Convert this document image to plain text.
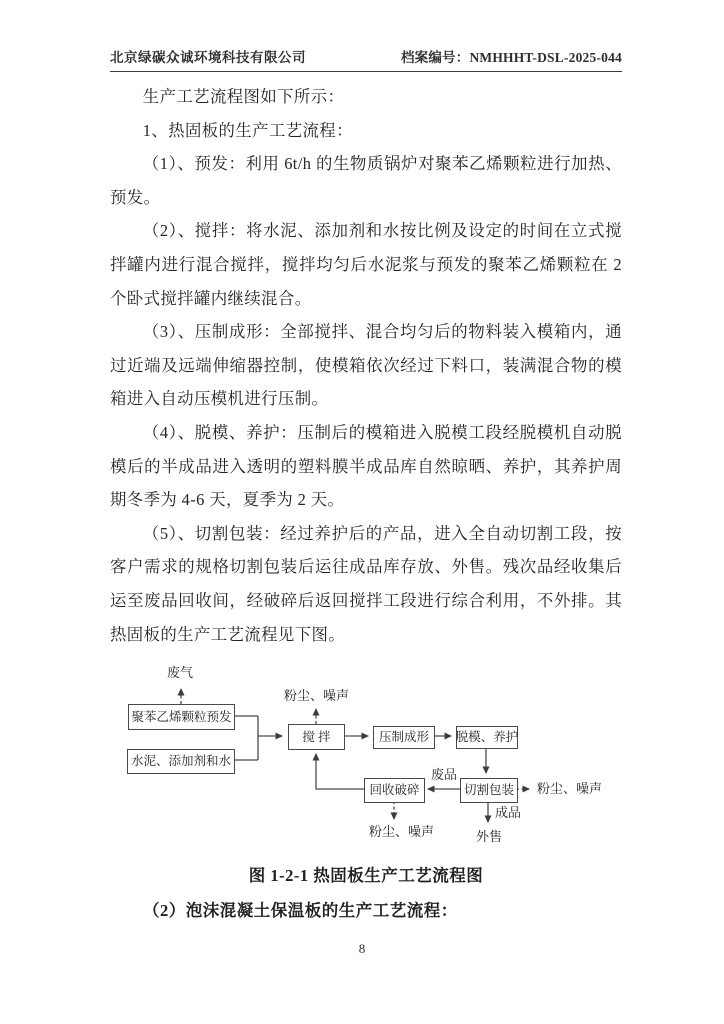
北京绿碳众诚环境科技有限公司	档案编号：NMHHHT-DSL-2025-044

生产工艺流程图如下所示：

1、热固板的生产工艺流程：

（1）、预发：利用 6t/h 的生物质锅炉对聚苯乙烯颗粒进行加热、预发。

（2）、搅拌：将水泥、添加剂和水按比例及设定的时间在立式搅拌罐内进行混合搅拌，搅拌均匀后水泥浆与预发的聚苯乙烯颗粒在 2 个卧式搅拌罐内继续混合。

（3）、压制成形：全部搅拌、混合均匀后的物料装入模箱内，通过近端及远端伸缩器控制，使模箱依次经过下料口，装满混合物的模箱进入自动压模机进行压制。

（4）、脱模、养护：压制后的模箱进入脱模工段经脱模机自动脱模后的半成品进入透明的塑料膜半成品库自然晾晒、养护，其养护周期冬季为 4-6 天，夏季为 2 天。

（5）、切割包装：经过养护后的产品，进入全自动切割工段，按客户需求的规格切割包装后运往成品库存放、外售。残次品经收集后运至废品回收间，经破碎后返回搅拌工段进行综合利用，不外排。其热固板的生产工艺流程见下图。

聚苯乙烯颗粒预发
水泥、添加剂和水
搅 拌	压制成形	脱模、养护
切割包装
回收破碎
废气
粉尘、噪声
废品
粉尘、噪声
成品
外售
粉尘、噪声
图 1-2-1 热固板生产工艺流程图
（2）泡沫混凝土保温板的生产工艺流程：
8
